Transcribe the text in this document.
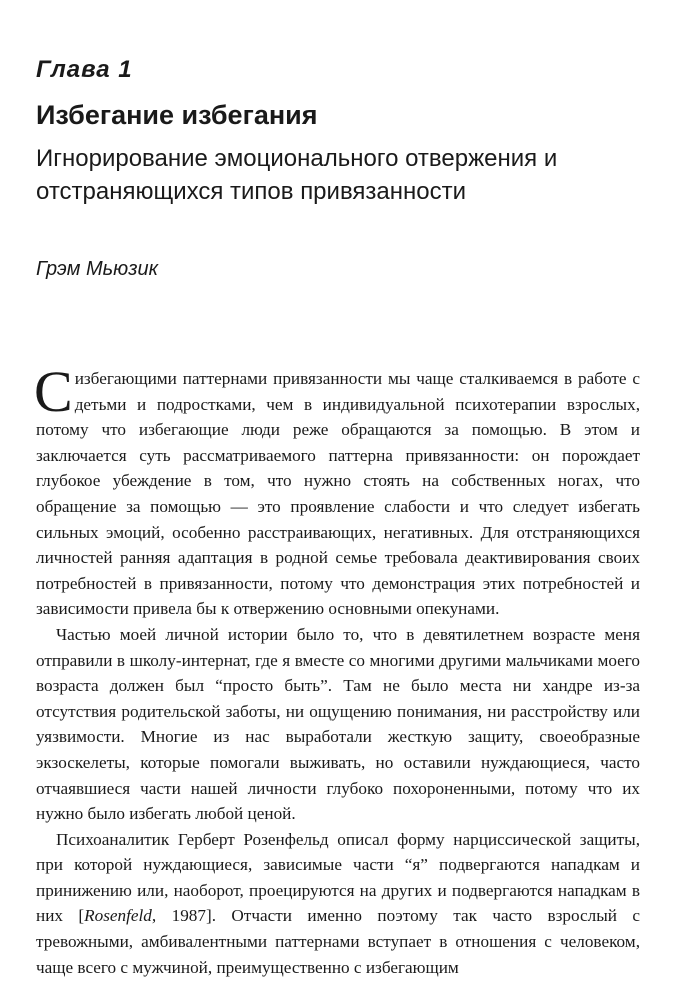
Глава 1
Избегание избегания
Игнорирование эмоционального отвержения и отстраняющихся типов привязанности
Грэм Мьюзик

Сизбегающими паттернами привязанности мы чаще сталкиваемся в работе с детьми и подростками, чем в индивидуальной психотерапии взрослых, потому что избегающие люди реже обращаются за помощью. В этом и заключается суть рассматриваемого паттерна привязанности: он порождает глубокое убеждение в том, что нужно стоять на собственных ногах, что обращение за помощью — это проявление слабости и что следует избегать сильных эмоций, особенно расстраивающих, негативных. Для отстраняющихся личностей ранняя адаптация в родной семье требовала деактивирования своих потребностей в привязанности, потому что демонстрация этих потребностей и зависимости привела бы к отвержению основными опекунами.

Частью моей личной истории было то, что в девятилетнем возрасте меня отправили в школу-интернат, где я вместе со многими другими мальчиками моего возраста должен был “просто быть”. Там не было места ни хандре из-за отсутствия родительской заботы, ни ощущению понимания, ни расстройству или уязвимости. Многие из нас выработали жесткую защиту, своеобразные экзоскелеты, которые помогали выживать, но оставили нуждающиеся, часто отчаявшиеся части нашей личности глубоко похороненными, потому что их нужно было избегать любой ценой.

Психоаналитик Герберт Розенфельд описал форму нарциссической защиты, при которой нуждающиеся, зависимые части “я” подвергаются нападкам и принижению или, наоборот, проецируются на других и подвергаются нападкам в них [Rosenfeld, 1987]. Отчасти именно поэтому так часто взрослый с тревожными, амбивалентными паттернами вступает в отношения с человеком, чаще всего с мужчиной, преимущественно с избегающим
